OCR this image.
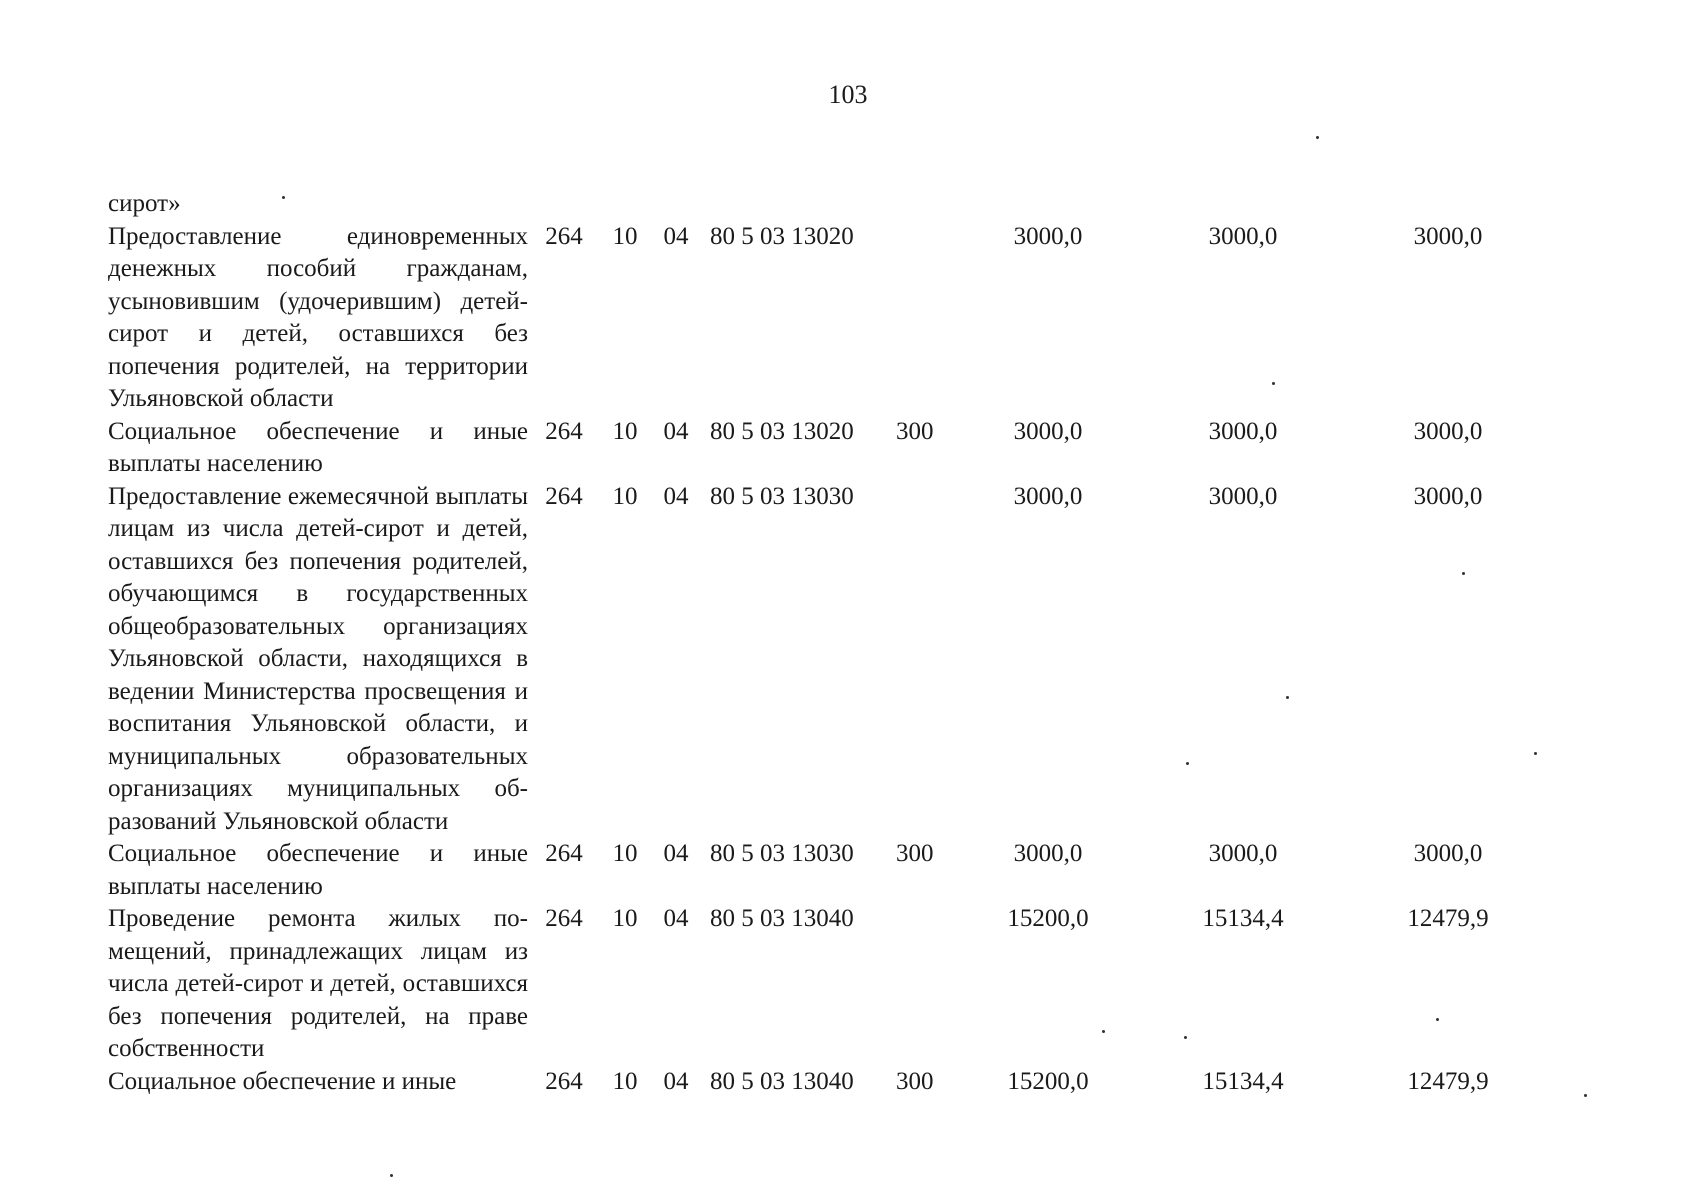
103
сирот»								
Предоставление единовременных денежных пособий гражданам, усыновившим (удочерившим) детей-сирот и детей, оставшихся без попечения родителей, на территории Ульяновской области	264	10	04	80 5 03 13020		3000,0	3000,0	3000,0
Социальное обеспечение и иные выплаты населению	264	10	04	80 5 03 13020	300	3000,0	3000,0	3000,0
Предоставление ежемесячной выплаты лицам из числа детей-сирот и детей, оставшихся без попечения родителей, обучающимся в государственных общеобразовательных организациях Ульяновской области, находящихся в ведении Министерства просвещения и воспитания Ульяновской области, и муниципальных образовательных организациях муниципальных образований Ульяновской области	264	10	04	80 5 03 13030		3000,0	3000,0	3000,0
Социальное обеспечение и иные выплаты населению	264	10	04	80 5 03 13030	300	3000,0	3000,0	3000,0
Проведение ремонта жилых помещений, принадлежащих лицам из числа детей-сирот и детей, оставшихся без попечения родителей, на праве собственности	264	10	04	80 5 03 13040		15200,0	15134,4	12479,9
Социальное обеспечение и иные	264	10	04	80 5 03 13040	300	15200,0	15134,4	12479,9
